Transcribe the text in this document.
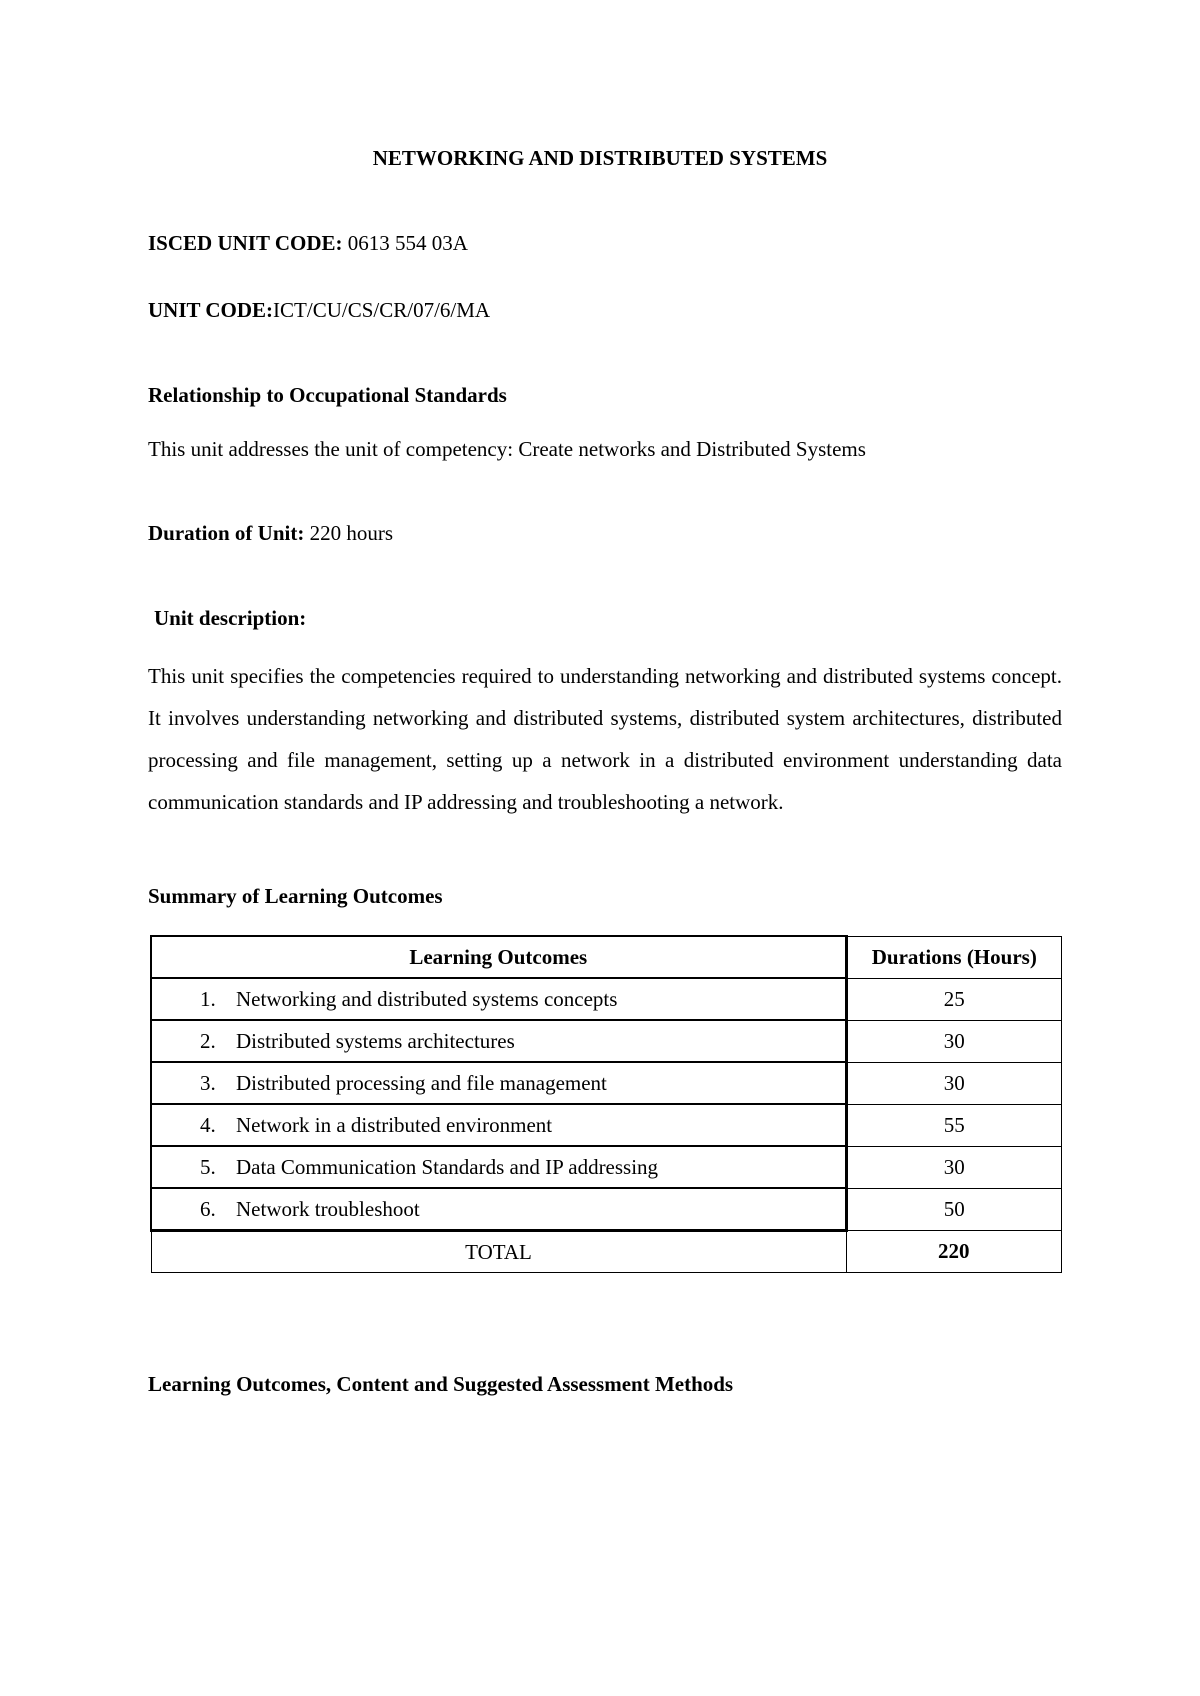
NETWORKING AND DISTRIBUTED SYSTEMS
ISCED UNIT CODE: 0613 554 03A
UNIT CODE:ICT/CU/CS/CR/07/6/MA
Relationship to Occupational Standards
This unit addresses the unit of competency: Create networks and Distributed Systems
Duration of Unit: 220 hours
Unit description:
This unit specifies the competencies required to understanding networking and distributed systems concept. It involves understanding networking and distributed systems, distributed system architectures, distributed processing and file management, setting up a network in a distributed environment understanding data communication standards and IP addressing and troubleshooting a network.
Summary of Learning Outcomes
Learning Outcomes	Durations (Hours)
1. Networking and distributed systems concepts	25
2. Distributed systems architectures	30
3. Distributed processing and file management	30
4. Network in a distributed environment	55
5. Data Communication Standards and IP addressing	30
6. Network troubleshoot	50
TOTAL	220
Learning Outcomes, Content and Suggested Assessment Methods
